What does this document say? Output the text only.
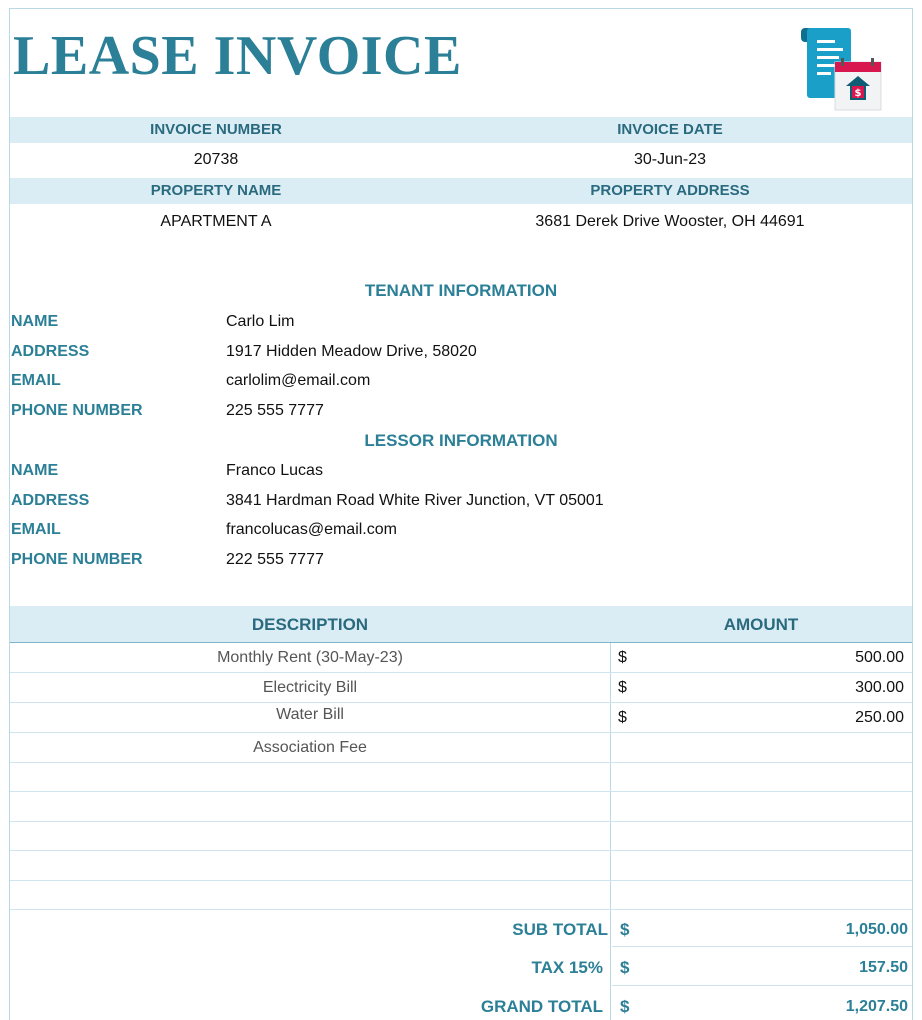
LEASE INVOICE
$
INVOICE NUMBER	INVOICE DATE
20738	30-Jun-23
PROPERTY NAME	PROPERTY ADDRESS
APARTMENT A	3681 Derek Drive Wooster, OH 44691
TENANT INFORMATION
NAME	Carlo Lim
ADDRESS	1917 Hidden Meadow Drive, 58020
EMAIL	carlolim@email.com
PHONE NUMBER	225 555 7777
LESSOR INFORMATION
NAME	Franco Lucas
ADDRESS	3841 Hardman Road White River Junction, VT 05001
EMAIL	francolucas@email.com
PHONE NUMBER	222 555 7777
DESCRIPTION	AMOUNT
Monthly Rent (30-May-23)	$	500.00
Electricity Bill	$	300.00
Water Bill	$	250.00
Association Fee
SUB TOTAL $	1,050.00
TAX 15% $	157.50
GRAND TOTAL $	1,207.50
